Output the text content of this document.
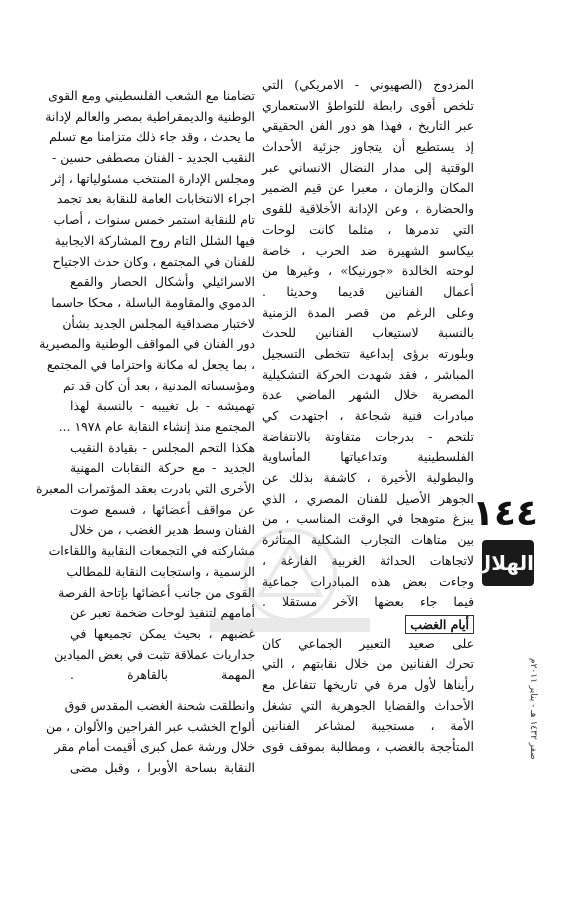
المزدوج (الصهيوني - الامريكي) التي
تلخص أقوى رابطة للتواطؤ الاستعماري
عبر التاريخ ، فهذا هو دور الفن الحقيقي
إذ يستطيع أن يتجاوز جزئية الأحداث
الوقتية إلى مدار النضال الانساني عبر
المكان والزمان ، معبرا عن قيم الضمير
والحضارة ، وعن الإدانة الأخلاقية للقوى
التي تدمرها ، مثلما كانت لوحات
بيكاسو الشهيرة ضد الحرب ، خاصة
لوحته الخالدة «جورنيكا» ، وغيرها من
أعمال الفنانين قديما وحديثا .
وعلى الرغم من قصر المدة الزمنية
بالنسبة لاستيعاب الفنانين للحدث
وبلورته برؤى إبداعية تتخطى التسجيل
المباشر ، فقد شهدت الحركة التشكيلية
المصرية خلال الشهر الماضي عدة
مبادرات فنية شجاعة ، اجتهدت كي
تلتحم - بدرجات متفاوتة بالانتفاضة
الفلسطينية وتداعياتها المأساوية
والبطولية الأخيرة ، كاشفة بذلك عن
الجوهر الأصيل للفنان المصري ، الذي
يبزغ متوهجا في الوقت المناسب ، من
بين متاهات التجارب الشكلية المتأثرة
لاتجاهات الحداثة الغربية الفارغة ،
وجاءت بعض هذه المبادرات جماعية
فيما جاء بعضها الآخر مستقلا .
أيام الغضب
على صعيد التعبير الجماعي كان
تحرك الفنانين من خلال نقابتهم ، التي
رأيناها لأول مرة في تاريخها تتفاعل مع
الأحداث والقضايا الجوهرية التي تشغل
الأمة ، مستجيبة لمشاعر الفنانين
المتأججة بالغضب ، ومطالبة بموقف قوى
تضامنا مع الشعب الفلسطيني ومع القوى
الوطنية والديمقراطية بمصر والعالم لإدانة
ما يحدث ، وقد جاء ذلك متزامنا مع تسلم
النقيب الجديد - الفنان مصطفى حسين -
ومجلس الإدارة المنتخب مسئولياتها ، إثر
اجراء الانتخابات العامة للنقابة بعد تجمد
تام للنقابة استمر خمس سنوات ، أصاب
فيها الشلل التام روح المشاركة الايجابية
للفنان في المجتمع ، وكان حدث الاجتياح
الاسرائيلي وأشكال الحصار والقمع
الدموي والمقاومة الباسلة ، محكا حاسما
لاختبار مصداقية المجلس الجديد بشأن
دور الفنان في المواقف الوطنية والمصيرية
، بما يجعل له مكانة واحتراما في المجتمع
ومؤسساته المدنية ، بعد أن كان قد تم
تهميشه - بل تغييبه - بالنسبة لهذا
المجتمع منذ إنشاء النقابة عام ١٩٧٨ ...
هكذا التحم المجلس - بقيادة النقيب
الجديد - مع حركة النقابات المهنية
الأخرى التي بادرت بعقد المؤتمرات المعبرة
عن مواقف أعضائها ، فسمع صوت
الفنان وسط هدير الغضب ، من خلال
مشاركته في التجمعات النقابية واللقاءات
الرسمية ، واستجابت النقابة للمطالب
القوى من جانب أعضائها بإتاحة الفرصة
أمامهم لتنفيذ لوحات ضخمة تعبر عن
غضبهم ، بحيث يمكن تجميعها في
جداريات عملاقة تثبت في بعض الميادين
المهمة بالقاهرة .
وانطلقت شحنة الغضب المقدس فوق
ألواح الخشب عبر الفراجين والألوان ، من
خلال ورشة عمل كبرى أقيمت أمام مقر
النقابة بساحة الأوبرا ، وقبل مضى
١٤٤
الهلال
صفر ١٤٣٢ هـ - يناير ٢٠١١م
